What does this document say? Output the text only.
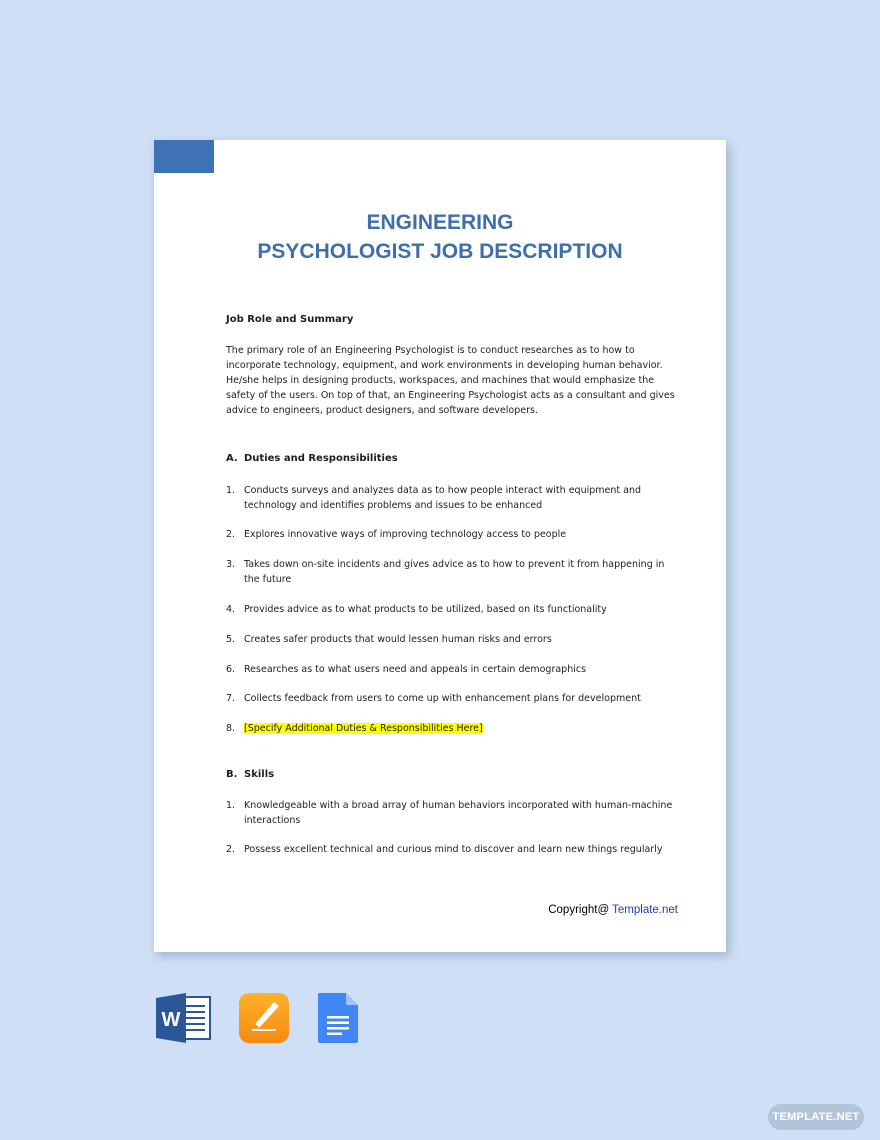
ENGINEERING
PSYCHOLOGIST JOB DESCRIPTION

Job Role and Summary

The primary role of an Engineering Psychologist is to conduct researches as to how to incorporate technology, equipment, and work environments in developing human behavior. He/she helps in designing products, workspaces, and machines that would emphasize the safety of the users. On top of that, an Engineering Psychologist acts as a consultant and gives advice to engineers, product designers, and software developers.

A. Duties and Responsibilities
1. Conducts surveys and analyzes data as to how people interact with equipment and technology and identifies problems and issues to be enhanced
2. Explores innovative ways of improving technology access to people
3. Takes down on-site incidents and gives advice as to how to prevent it from happening in the future
4. Provides advice as to what products to be utilized, based on its functionality
5. Creates safer products that would lessen human risks and errors
6. Researches as to what users need and appeals in certain demographics
7. Collects feedback from users to come up with enhancement plans for development
8. [Specify Additional Duties & Responsibilities Here]
B. Skills
1. Knowledgeable with a broad array of human behaviors incorporated with human-machine interactions
2. Possess excellent technical and curious mind to discover and learn new things regularly
Copyright@ Template.net
W
TEMPLATE.NET
